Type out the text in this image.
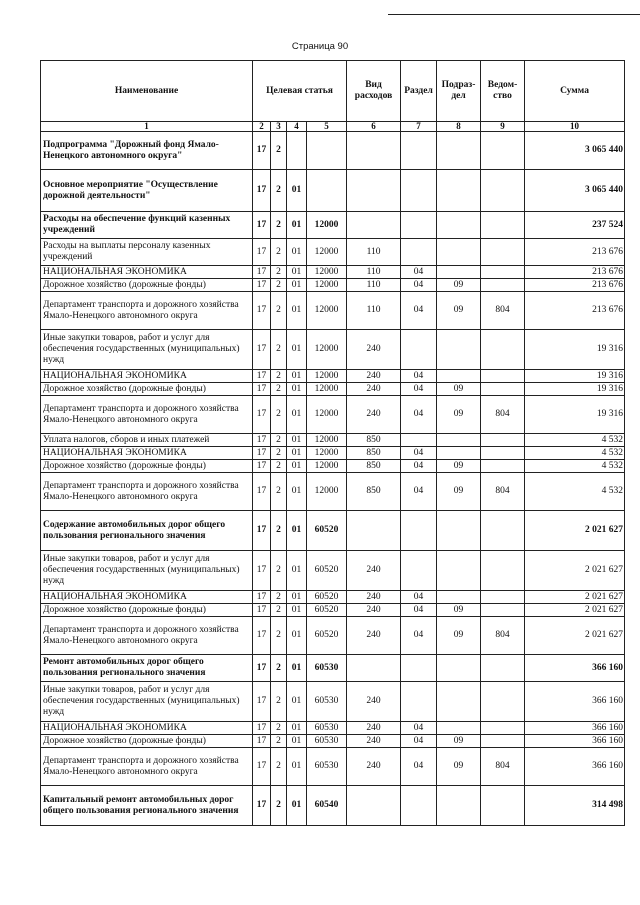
Страница 90
Наименование	Целевая статья				Вид расходов	Раздел	Подраз-дел	Ведом-ство	Сумма
1	2	3	4	5	6	7	8	9	10
Подпрограмма "Дорожный фонд Ямало-Ненецкого автономного округа"	17	2							3 065 440
Основное мероприятие "Осуществление дорожной деятельности"	17	2	01						3 065 440
Расходы на обеспечение функций казенных учреждений	17	2	01	12000					237 524
Расходы на выплаты персоналу казенных учреждений	17	2	01	12000	110				213 676
НАЦИОНАЛЬНАЯ ЭКОНОМИКА	17	2	01	12000	110	04			213 676
Дорожное хозяйство (дорожные фонды)	17	2	01	12000	110	04	09		213 676
Департамент транспорта и дорожного хозяйства Ямало-Ненецкого автономного округа	17	2	01	12000	110	04	09	804	213 676
Иные закупки товаров, работ и услуг для обеспечения государственных (муниципальных) нужд	17	2	01	12000	240				19 316
НАЦИОНАЛЬНАЯ ЭКОНОМИКА	17	2	01	12000	240	04			19 316
Дорожное хозяйство (дорожные фонды)	17	2	01	12000	240	04	09		19 316
Департамент транспорта и дорожного хозяйства Ямало-Ненецкого автономного округа	17	2	01	12000	240	04	09	804	19 316
Уплата налогов, сборов и иных платежей	17	2	01	12000	850				4 532
НАЦИОНАЛЬНАЯ ЭКОНОМИКА	17	2	01	12000	850	04			4 532
Дорожное хозяйство (дорожные фонды)	17	2	01	12000	850	04	09		4 532
Департамент транспорта и дорожного хозяйства Ямало-Ненецкого автономного округа	17	2	01	12000	850	04	09	804	4 532
Содержание автомобильных дорог общего пользования регионального значения	17	2	01	60520					2 021 627
Иные закупки товаров, работ и услуг для обеспечения государственных (муниципальных) нужд	17	2	01	60520	240				2 021 627
НАЦИОНАЛЬНАЯ ЭКОНОМИКА	17	2	01	60520	240	04			2 021 627
Дорожное хозяйство (дорожные фонды)	17	2	01	60520	240	04	09		2 021 627
Департамент транспорта и дорожного хозяйства Ямало-Ненецкого автономного округа	17	2	01	60520	240	04	09	804	2 021 627
Ремонт автомобильных дорог общего пользования регионального значения	17	2	01	60530					366 160
Иные закупки товаров, работ и услуг для обеспечения государственных (муниципальных) нужд	17	2	01	60530	240				366 160
НАЦИОНАЛЬНАЯ ЭКОНОМИКА	17	2	01	60530	240	04			366 160
Дорожное хозяйство (дорожные фонды)	17	2	01	60530	240	04	09		366 160
Департамент транспорта и дорожного хозяйства Ямало-Ненецкого автономного округа	17	2	01	60530	240	04	09	804	366 160
Капитальный ремонт автомобильных дорог общего пользования регионального значения	17	2	01	60540					314 498
